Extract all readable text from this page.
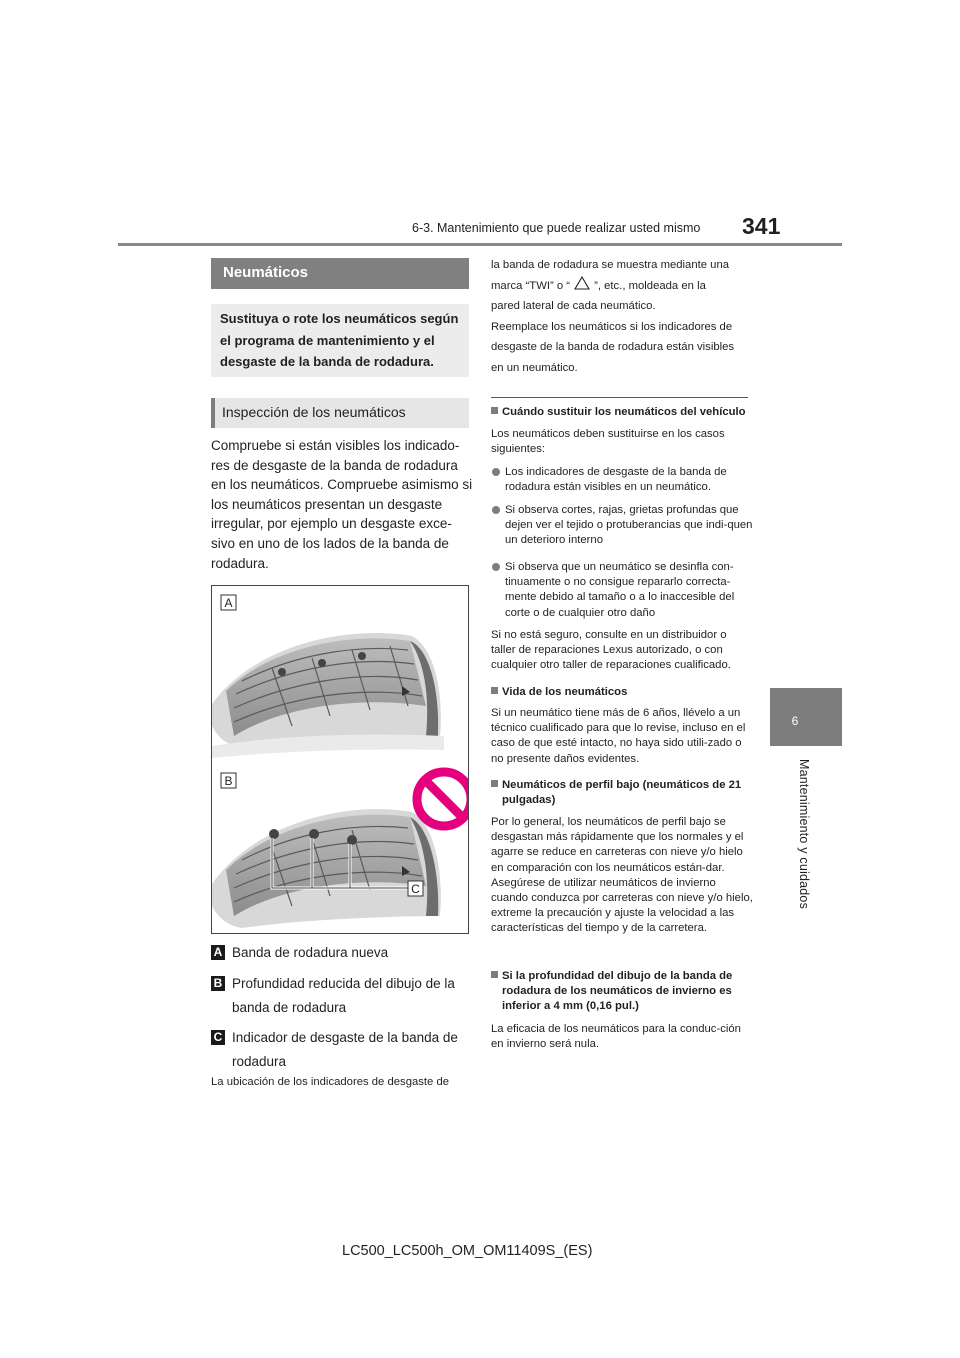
6-3. Mantenimiento que puede realizar usted mismo 341
6
Mantenimiento y cuidados
Neumáticos
Sustituya o rote los neumáticos según el programa de mantenimiento y el desgaste de la banda de rodadura.
Inspección de los neumáticos
Compruebe si están visibles los indicado-res de desgaste de la banda de rodadura en los neumáticos. Compruebe asimismo si los neumáticos presentan un desgaste irregular, por ejemplo un desgaste exce-sivo en uno de los lados de la banda de rodadura.
A
B
C
A Banda de rodadura nueva
B Profundidad reducida del dibujo de la banda de rodadura
C Indicador de desgaste de la banda de rodadura
La ubicación de los indicadores de desgaste de
la banda de rodadura se muestra mediante una
marca “TWI” o “ ”, etc., moldeada en la
pared lateral de cada neumático.
Reemplace los neumáticos si los indicadores de
desgaste de la banda de rodadura están visibles
en un neumático.
Cuándo sustituir los neumáticos del vehículo
Los neumáticos deben sustituirse en los casos siguientes:
Los indicadores de desgaste de la banda de rodadura están visibles en un neumático.
Si observa cortes, rajas, grietas profundas que dejen ver el tejido o protuberancias que indi-quen un deterioro interno
Si observa que un neumático se desinfla con-tinuamente o no consigue repararlo correcta-mente debido al tamaño o a lo inaccesible del corte o de cualquier otro daño
Si no está seguro, consulte en un distribuidor o taller de reparaciones Lexus autorizado, o con cualquier otro taller de reparaciones cualificado.
Vida de los neumáticos
Si un neumático tiene más de 6 años, llévelo a un técnico cualificado para que lo revise, incluso en el caso de que esté intacto, no haya sido utili-zado o no presente daños evidentes.
Neumáticos de perfil bajo (neumáticos de 21 pulgadas)
Por lo general, los neumáticos de perfil bajo se desgastan más rápidamente que los normales y el agarre se reduce en carreteras con nieve y/o hielo en comparación con los neumáticos están-dar. Asegúrese de utilizar neumáticos de invierno cuando conduzca por carreteras con nieve y/o hielo, extreme la precaución y ajuste la velocidad a las características del tiempo y de la carretera.
Si la profundidad del dibujo de la banda de rodadura de los neumáticos de invierno es inferior a 4 mm (0,16 pul.)
La eficacia de los neumáticos para la conduc-ción en invierno será nula.
LC500_LC500h_OM_OM11409S_(ES)
